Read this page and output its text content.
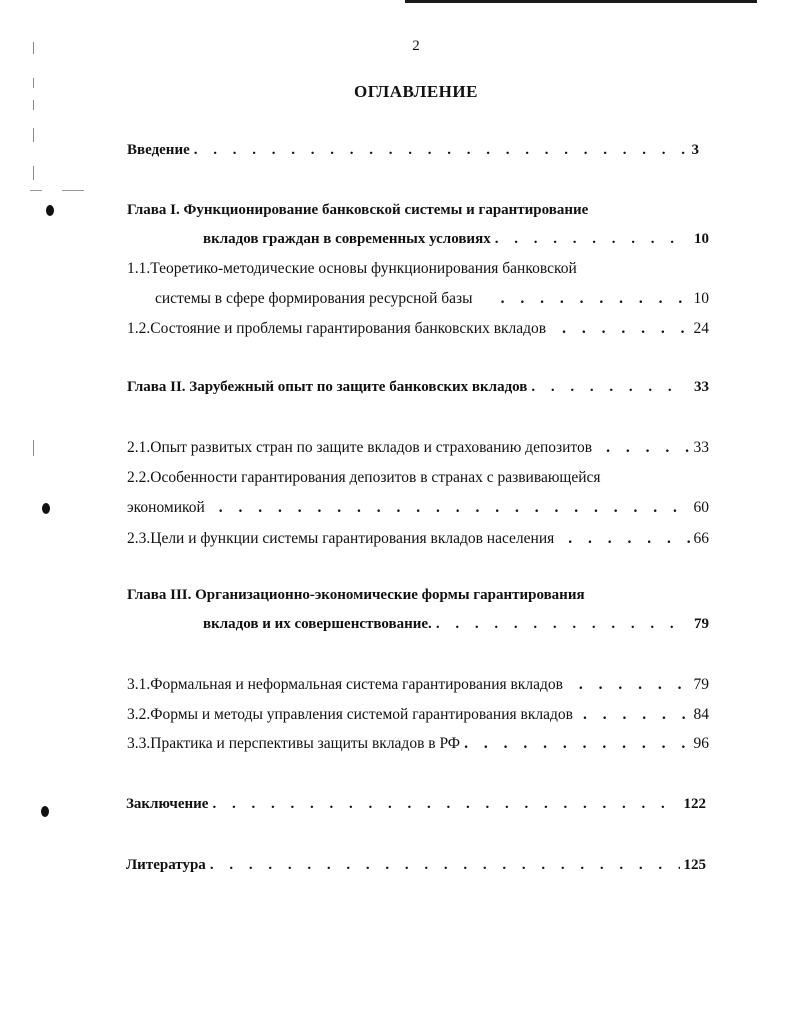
2
ОГЛАВЛЕНИЕ
Введение . . .	3
Глава I. Функционирование банковской системы и гарантирование
вкладов граждан в современных условиях . . .	10
1.1.Теоретико-методические основы функционирования банковской
системы в сфере формирования ресурсной базы . . .	10
1.2.Состояние и проблемы гарантирования банковских вкладов . . .	24
Глава II. Зарубежный опыт по защите банковских вкладов . . .	33
2.1.Опыт развитых стран по защите вкладов и страхованию депозитов . . .	33
2.2.Особенности гарантирования депозитов в странах с развивающейся
экономикой . . .	60
2.3.Цели и функции системы гарантирования вкладов населения . . .	66
Глава III. Организационно-экономические формы гарантирования
вкладов и их совершенствование. . . .	79
3.1.Формальная и неформальная система гарантирования вкладов . . .	79
3.2.Формы и методы управления системой гарантирования вкладов . . .	84
3.3.Практика и перспективы защиты вкладов в РФ . . .	96
Заключение . . .	122
Литература . . .	125
